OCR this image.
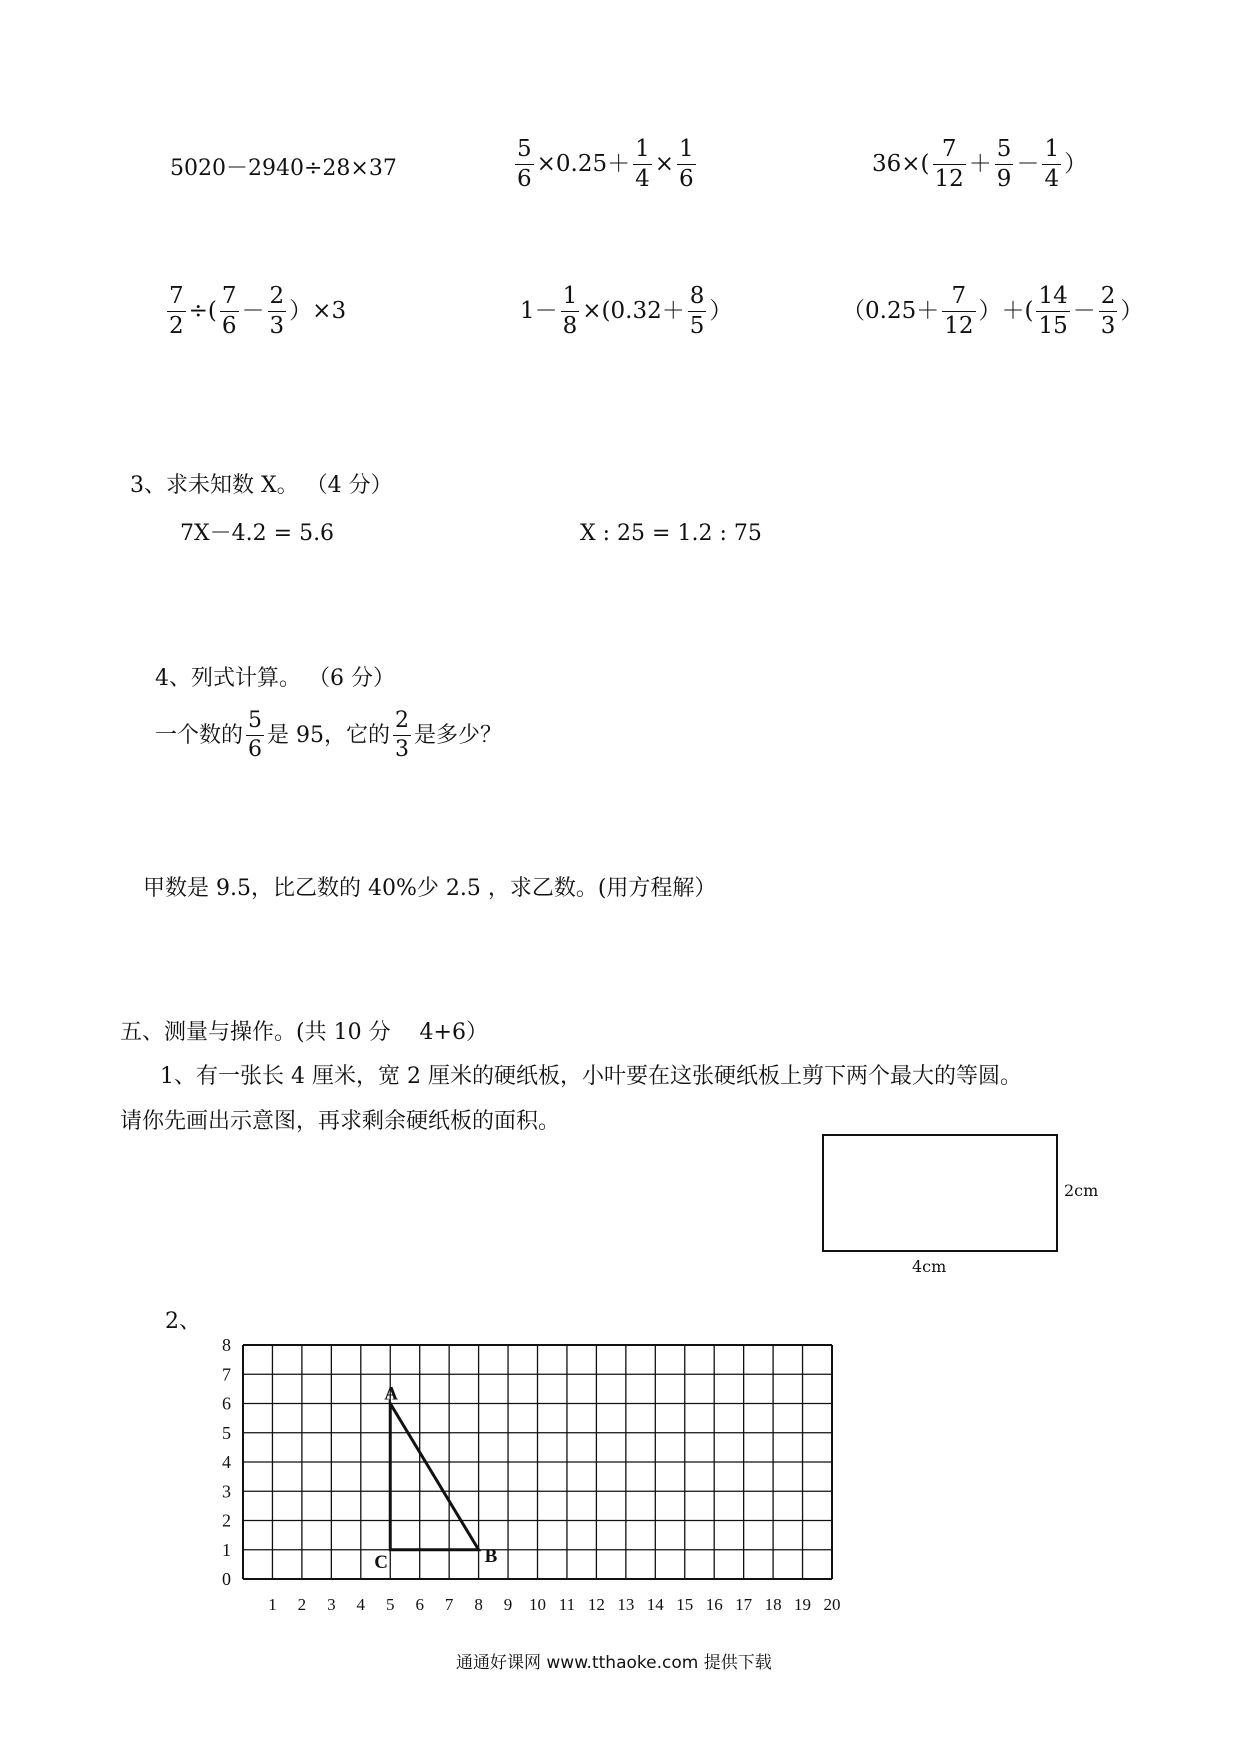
5020－2940÷28×37	$\frac{5}{6} \times 0.25+ \frac{1}{4} \times \frac{1}{6}$	$36\times( \frac{7}{12} + \frac{5}{9} - \frac{1}{4}$ ）
$\frac{7}{2}$ ÷( $\frac{7}{6} - \frac{2}{3} )\times 3$	$1- \frac{1}{8} \times(0.32+ \frac{8}{5}$ ）	（$0.25+ \frac{7}{12}$ ）＋( $\frac{14}{15} - \frac{2}{3}$ ）
3、求未知数 X。 （4 分）
7X－4.2 = 5.6	X : 25 = 1.2 : 75
4、列式计算。 （6 分）
一个数的 $\frac{5}{6}$ 是 95，它的 $\frac{2}{3}$ 是多少？
甲数是 9.5，比乙数的 40%少 2.5 ，求乙数。(用方程解）
五、测量与操作。(共 10 分　 4+6）
1、有一张长 4 厘米，宽 2 厘米的硬纸板，小叶要在这张硬纸板上剪下两个最大的等圆。
请你先画出示意图，再求剩余硬纸板的面积。
2cm
4cm
2、
1 2 3 4 5 6 7 8 9 10 11 12 13 14 15 16 17 18 19 20
0
1
2
3
4
5
6
7
8
A
B
C
通通好课网 www.tthaoke.com 提供下载
